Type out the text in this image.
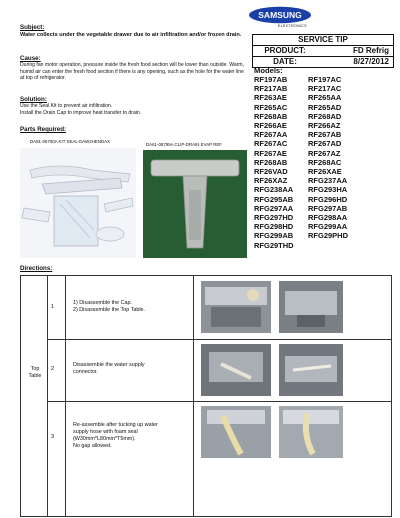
SAMSUNG
ELECTRONICS
Subject:
Water collects under the vegetable drawer due to air infiltration and/or frozen drain.	SERVICE TIP
PRODUCT:	FD Refrig
DATE:	8/27/2012
Models:
RF197AB	RF197AC
RF217AB	RF217AC
RF263AE	RF265AA
RF265AC	RF265AD
RF268AB	RF268AD
RF266AE	RF266AZ
RF267AA	RF267AB
RF267AC	RF267AD
RF267AE	RF267AZ
RF268AB	RF268AC
RF26VAD	RF26XAE
RF26XAZ	RFG237AA
RFG238AA	RFG293HA
RFG295AB	RFG296HD
RFG297AA	RFG297AB
RFG297HD	RFG298AA
RFG298HD	RFG299AA
RFG299AB	RFG29PHD
RFG29THD
Cause:
During fan motor operation, pressure inside the fresh food section will be lower than outside. Warm, humid air can enter the fresh food section if there is any opening, such as the hole for the water line at top of refrigerator.
Solution:
Use the Seal Kit to prevent air infiltration.
Install the Drain Cap to improve heat transfer to drain.
Parts Required:
DA81-05700A KIT SEAL-DAW2HENDAX
DA61-08795A CLIP-DRAIN EVAP REF
Directions:
Top Table
1
1) Disassemble the Cap.
2) Disassemble the Top Table.
2
Disassemble the water supply
connector.
3
Re-assemble after tucking up water
supply hose with foam seal
(W30mm*L80mm*T5mm).
No gap allowed.
